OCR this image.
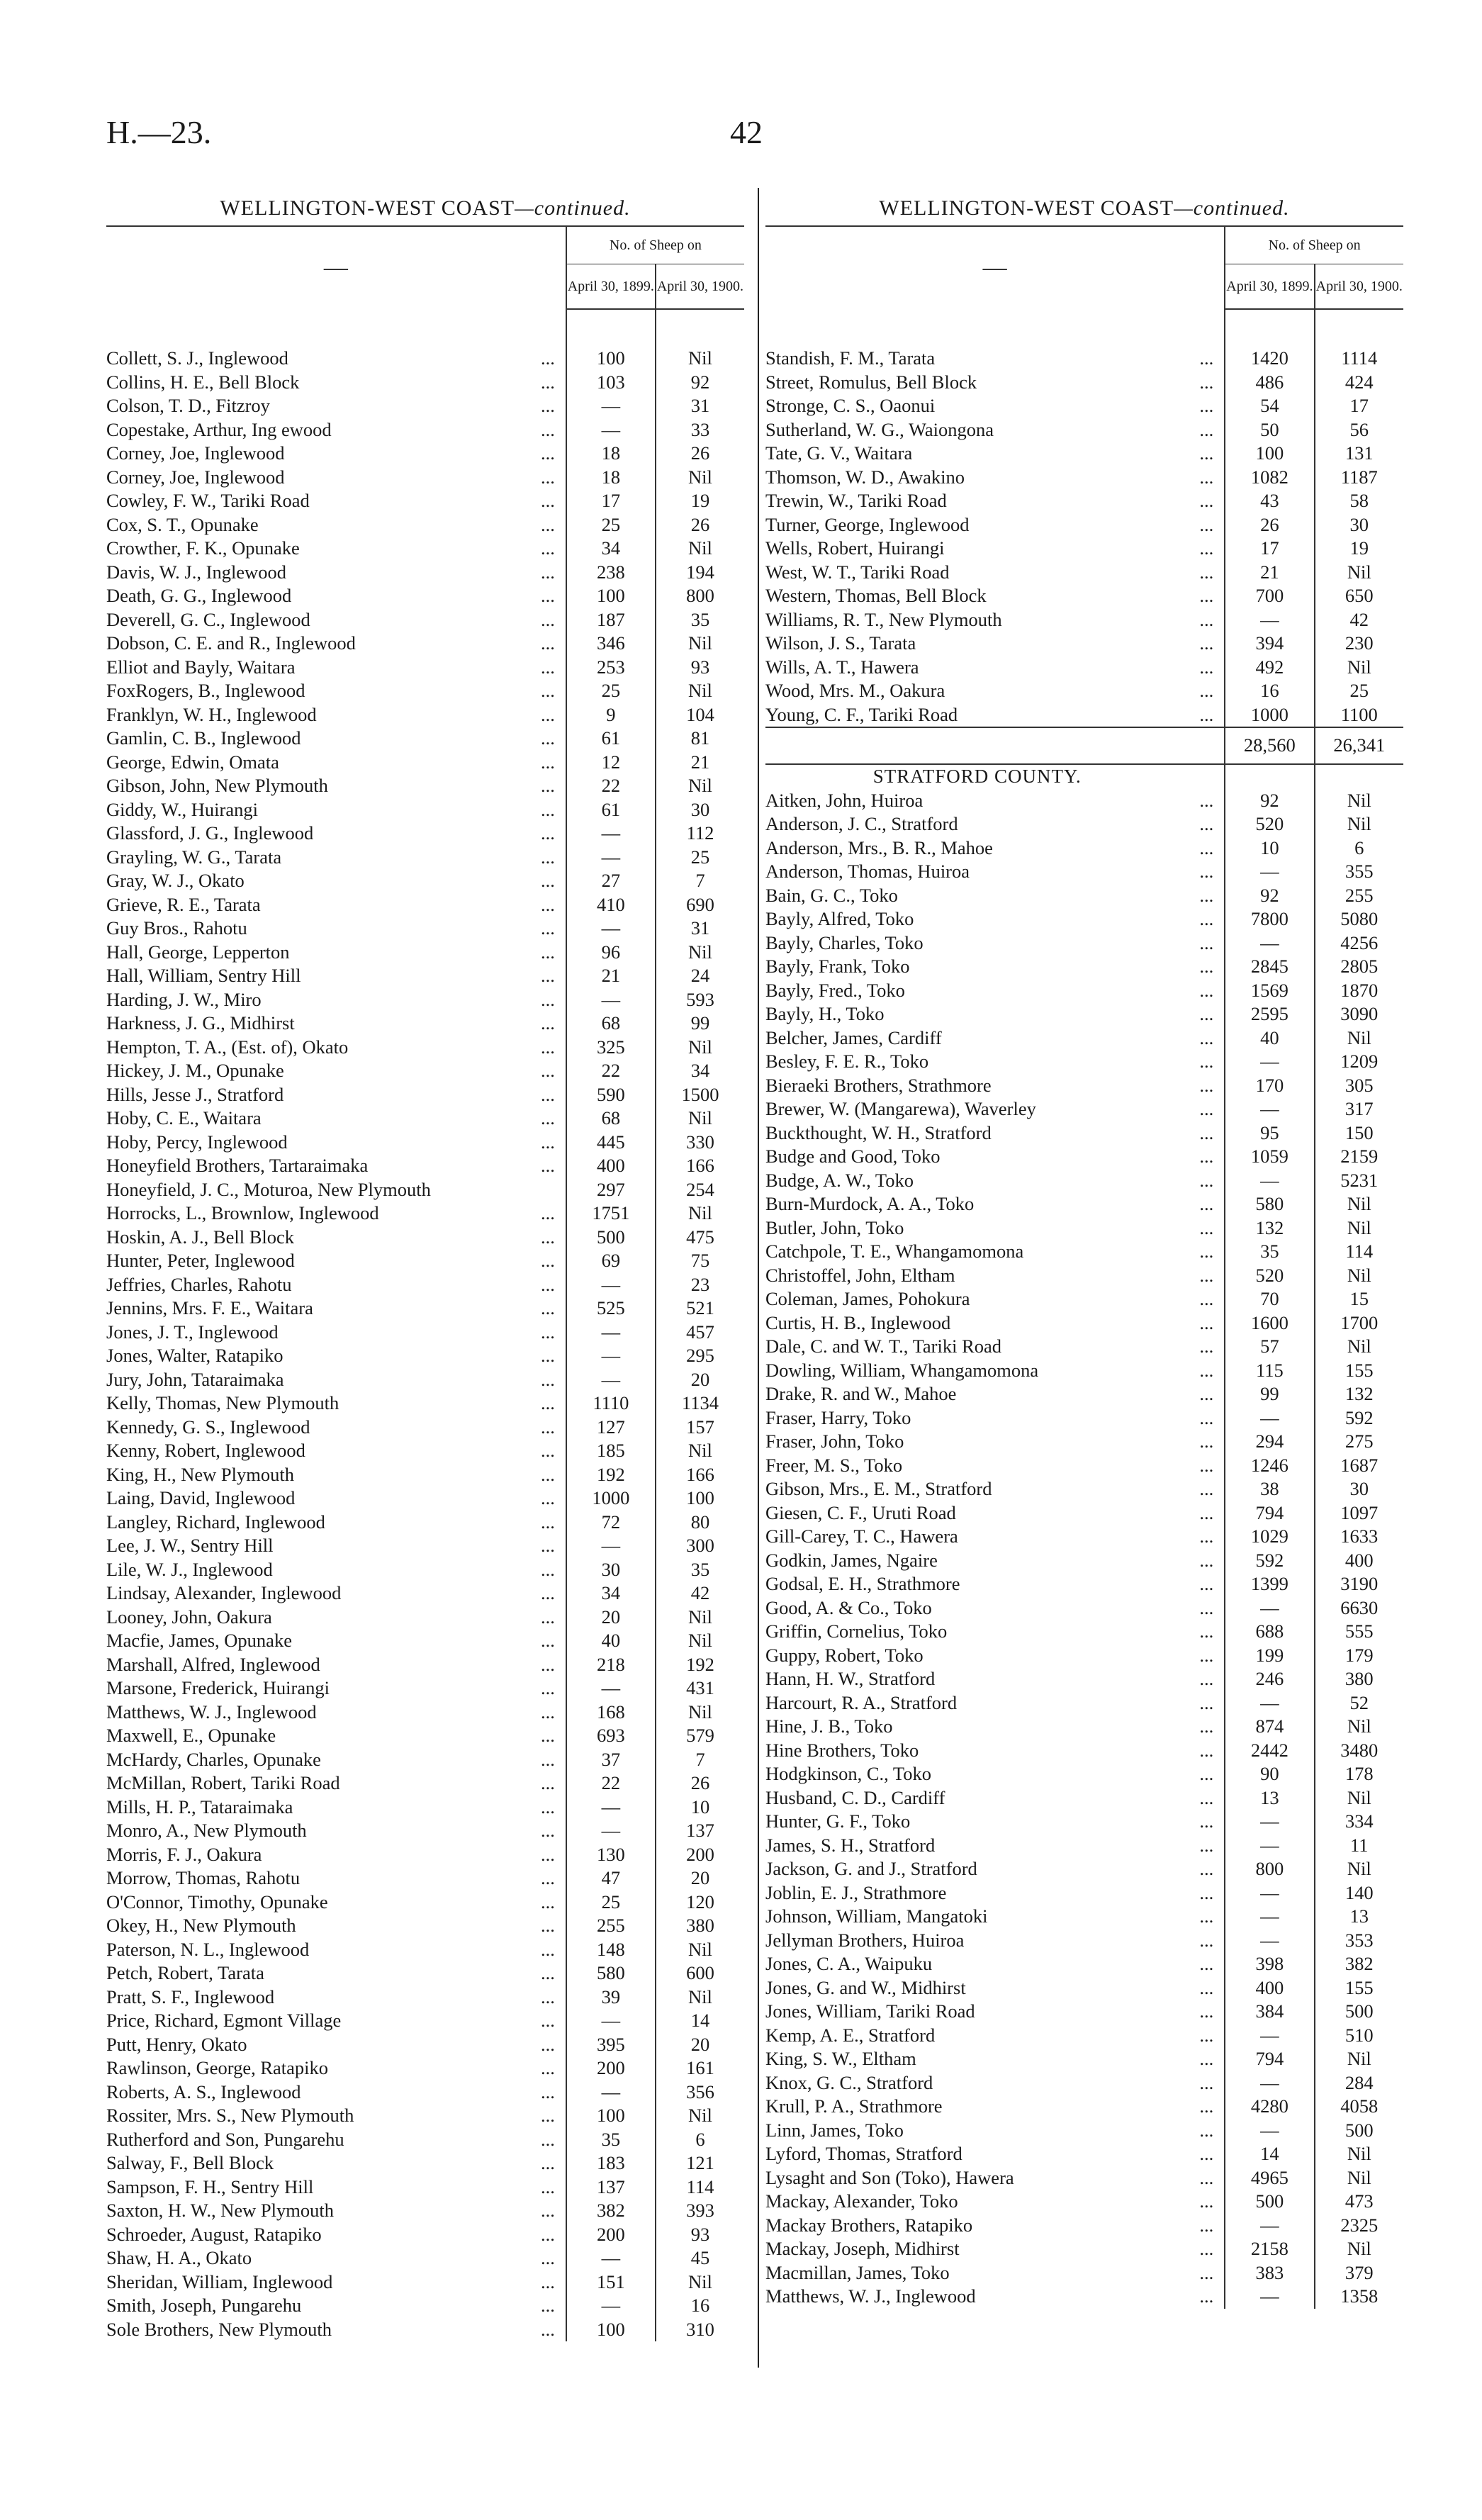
H.—23.	42
WELLINGTON-WEST COAST—continued.
—		No. of Sheep on	
		April 30, 1899.	April 30, 1900.

Collett, S. J., Inglewood	...	100	Nil
Collins, H. E., Bell Block	...	103	92
Colson, T. D., Fitzroy	...	—	31
Copestake, Arthur, Ing ewood	...	—	33
Corney, Joe, Inglewood	...	18	26
Corney, Joe, Inglewood	...	18	Nil
Cowley, F. W., Tariki Road	...	17	19
Cox, S. T., Opunake	...	25	26
Crowther, F. K., Opunake	...	34	Nil
Davis, W. J., Inglewood	...	238	194
Death, G. G., Inglewood	...	100	800
Deverell, G. C., Inglewood	...	187	35
Dobson, C. E. and R., Inglewood	...	346	Nil
Elliot and Bayly, Waitara	...	253	93
FoxRogers, B., Inglewood	...	25	Nil
Franklyn, W. H., Inglewood	...	9	104
Gamlin, C. B., Inglewood	...	61	81
George, Edwin, Omata	...	12	21
Gibson, John, New Plymouth	...	22	Nil
Giddy, W., Huirangi	...	61	30
Glassford, J. G., Inglewood	...	—	112
Grayling, W. G., Tarata	...	—	25
Gray, W. J., Okato	...	27	7
Grieve, R. E., Tarata	...	410	690
Guy Bros., Rahotu	...	—	31
Hall, George, Lepperton	...	96	Nil
Hall, William, Sentry Hill	...	21	24
Harding, J. W., Miro	...	—	593
Harkness, J. G., Midhirst	...	68	99
Hempton, T. A., (Est. of), Okato	...	325	Nil
Hickey, J. M., Opunake	...	22	34
Hills, Jesse J., Stratford	...	590	1500
Hoby, C. E., Waitara	...	68	Nil
Hoby, Percy, Inglewood	...	445	330
Honeyfield Brothers, Tartaraimaka	...	400	166
Honeyfield, J. C., Moturoa, New Plymouth		297	254
Horrocks, L., Brownlow, Inglewood	...	1751	Nil
Hoskin, A. J., Bell Block	...	500	475
Hunter, Peter, Inglewood	...	69	75
Jeffries, Charles, Rahotu	...	—	23
Jennins, Mrs. F. E., Waitara	...	525	521
Jones, J. T., Inglewood	...	—	457
Jones, Walter, Ratapiko	...	—	295
Jury, John, Tataraimaka	...	—	20
Kelly, Thomas, New Plymouth	...	1110	1134
Kennedy, G. S., Inglewood	...	127	157
Kenny, Robert, Inglewood	...	185	Nil
King, H., New Plymouth	...	192	166
Laing, David, Inglewood	...	1000	100
Langley, Richard, Inglewood	...	72	80
Lee, J. W., Sentry Hill	...	—	300
Lile, W. J., Inglewood	...	30	35
Lindsay, Alexander, Inglewood	...	34	42
Looney, John, Oakura	...	20	Nil
Macfie, James, Opunake	...	40	Nil
Marshall, Alfred, Inglewood	...	218	192
Marsone, Frederick, Huirangi	...	—	431
Matthews, W. J., Inglewood	...	168	Nil
Maxwell, E., Opunake	...	693	579
McHardy, Charles, Opunake	...	37	7
McMillan, Robert, Tariki Road	...	22	26
Mills, H. P., Tataraimaka	...	—	10
Monro, A., New Plymouth	...	—	137
Morris, F. J., Oakura	...	130	200
Morrow, Thomas, Rahotu	...	47	20
O'Connor, Timothy, Opunake	...	25	120
Okey, H., New Plymouth	...	255	380
Paterson, N. L., Inglewood	...	148	Nil
Petch, Robert, Tarata	...	580	600
Pratt, S. F., Inglewood	...	39	Nil
Price, Richard, Egmont Village	...	—	14
Putt, Henry, Okato	...	395	20
Rawlinson, George, Ratapiko	...	200	161
Roberts, A. S., Inglewood	...	—	356
Rossiter, Mrs. S., New Plymouth	...	100	Nil
Rutherford and Son, Pungarehu	...	35	6
Salway, F., Bell Block	...	183	121
Sampson, F. H., Sentry Hill	...	137	114
Saxton, H. W., New Plymouth	...	382	393
Schroeder, August, Ratapiko	...	200	93
Shaw, H. A., Okato	...	—	45
Sheridan, William, Inglewood	...	151	Nil
Smith, Joseph, Pungarehu	...	—	16
Sole Brothers, New Plymouth	...	100	310
WELLINGTON-WEST COAST—continued.
—		No. of Sheep on	
		April 30, 1899.	April 30, 1900.

Standish, F. M., Tarata	...	1420	1114
Street, Romulus, Bell Block	...	486	424
Stronge, C. S., Oaonui	...	54	17
Sutherland, W. G., Waiongona	...	50	56
Tate, G. V., Waitara	...	100	131
Thomson, W. D., Awakino	...	1082	1187
Trewin, W., Tariki Road	...	43	58
Turner, George, Inglewood	...	26	30
Wells, Robert, Huirangi	...	17	19
West, W. T., Tariki Road	...	21	Nil
Western, Thomas, Bell Block	...	700	650
Williams, R. T., New Plymouth	...	—	42
Wilson, J. S., Tarata	...	394	230
Wills, A. T., Hawera	...	492	Nil
Wood, Mrs. M., Oakura	...	16	25
Young, C. F., Tariki Road	...	1000	1100
		28,560	26,341
STRATFORD COUNTY.			
Aitken, John, Huiroa	...	92	Nil
Anderson, J. C., Stratford	...	520	Nil
Anderson, Mrs., B. R., Mahoe	...	10	6
Anderson, Thomas, Huiroa	...	—	355
Bain, G. C., Toko	...	92	255
Bayly, Alfred, Toko	...	7800	5080
Bayly, Charles, Toko	...	—	4256
Bayly, Frank, Toko	...	2845	2805
Bayly, Fred., Toko	...	1569	1870
Bayly, H., Toko	...	2595	3090
Belcher, James, Cardiff	...	40	Nil
Besley, F. E. R., Toko	...	—	1209
Bieraeki Brothers, Strathmore	...	170	305
Brewer, W. (Mangarewa), Waverley	...	—	317
Buckthought, W. H., Stratford	...	95	150
Budge and Good, Toko	...	1059	2159
Budge, A. W., Toko	...	—	5231
Burn-Murdock, A. A., Toko	...	580	Nil
Butler, John, Toko	...	132	Nil
Catchpole, T. E., Whangamomona	...	35	114
Christoffel, John, Eltham	...	520	Nil
Coleman, James, Pohokura	...	70	15
Curtis, H. B., Inglewood	...	1600	1700
Dale, C. and W. T., Tariki Road	...	57	Nil
Dowling, William, Whangamomona	...	115	155
Drake, R. and W., Mahoe	...	99	132
Fraser, Harry, Toko	...	—	592
Fraser, John, Toko	...	294	275
Freer, M. S., Toko	...	1246	1687
Gibson, Mrs., E. M., Stratford	...	38	30
Giesen, C. F., Uruti Road	...	794	1097
Gill-Carey, T. C., Hawera	...	1029	1633
Godkin, James, Ngaire	...	592	400
Godsal, E. H., Strathmore	...	1399	3190
Good, A. & Co., Toko	...	—	6630
Griffin, Cornelius, Toko	...	688	555
Guppy, Robert, Toko	...	199	179
Hann, H. W., Stratford	...	246	380
Harcourt, R. A., Stratford	...	—	52
Hine, J. B., Toko	...	874	Nil
Hine Brothers, Toko	...	2442	3480
Hodgkinson, C., Toko	...	90	178
Husband, C. D., Cardiff	...	13	Nil
Hunter, G. F., Toko	...	—	334
James, S. H., Stratford	...	—	11
Jackson, G. and J., Stratford	...	800	Nil
Joblin, E. J., Strathmore	...	—	140
Johnson, William, Mangatoki	...	—	13
Jellyman Brothers, Huiroa	...	—	353
Jones, C. A., Waipuku	...	398	382
Jones, G. and W., Midhirst	...	400	155
Jones, William, Tariki Road	...	384	500
Kemp, A. E., Stratford	...	—	510
King, S. W., Eltham	...	794	Nil
Knox, G. C., Stratford	...	—	284
Krull, P. A., Strathmore	...	4280	4058
Linn, James, Toko	...	—	500
Lyford, Thomas, Stratford	...	14	Nil
Lysaght and Son (Toko), Hawera	...	4965	Nil
Mackay, Alexander, Toko	...	500	473
Mackay Brothers, Ratapiko	...	—	2325
Mackay, Joseph, Midhirst	...	2158	Nil
Macmillan, James, Toko	...	383	379
Matthews, W. J., Inglewood	...	—	1358
